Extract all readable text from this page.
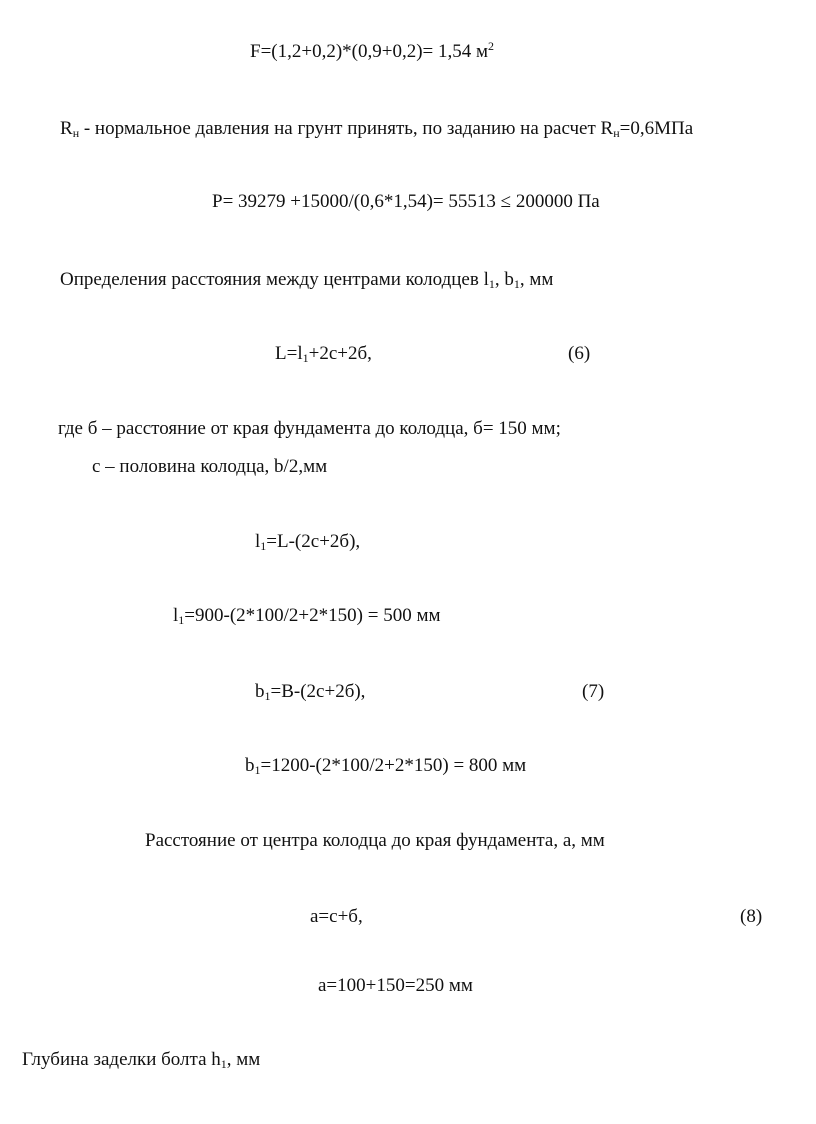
F=(1,2+0,2)*(0,9+0,2)= 1,54 $м^2$
$R_н$ - нормальное давления на грунт принять, по заданию на расчет $R_н=0,6МПа$
P= 39279 +15000/(0,6*1,54)= 55513 ≤ 200000 Па
Определения расстояния между центрами колодцев $l_1$, $b_1$, мм
$L=l_1+2с+2б$,	(6)
где б – расстояние от края фундамента до колодца, б= 150 мм;
с – половина колодца, b/2,мм
$l_1=L-(2с+2б)$,
$l_1=900-(2*100/2+2*150) = 500$ мм
$b_1=B-(2с+2б)$,	(7)
$b_1=1200-(2*100/2+2*150) = 800$ мм
Расстояние от центра колодца до края фундамента, а, мм
а=с+б,	(8)
а=100+150=250 мм
Глубина заделки болта $h_1$, мм
